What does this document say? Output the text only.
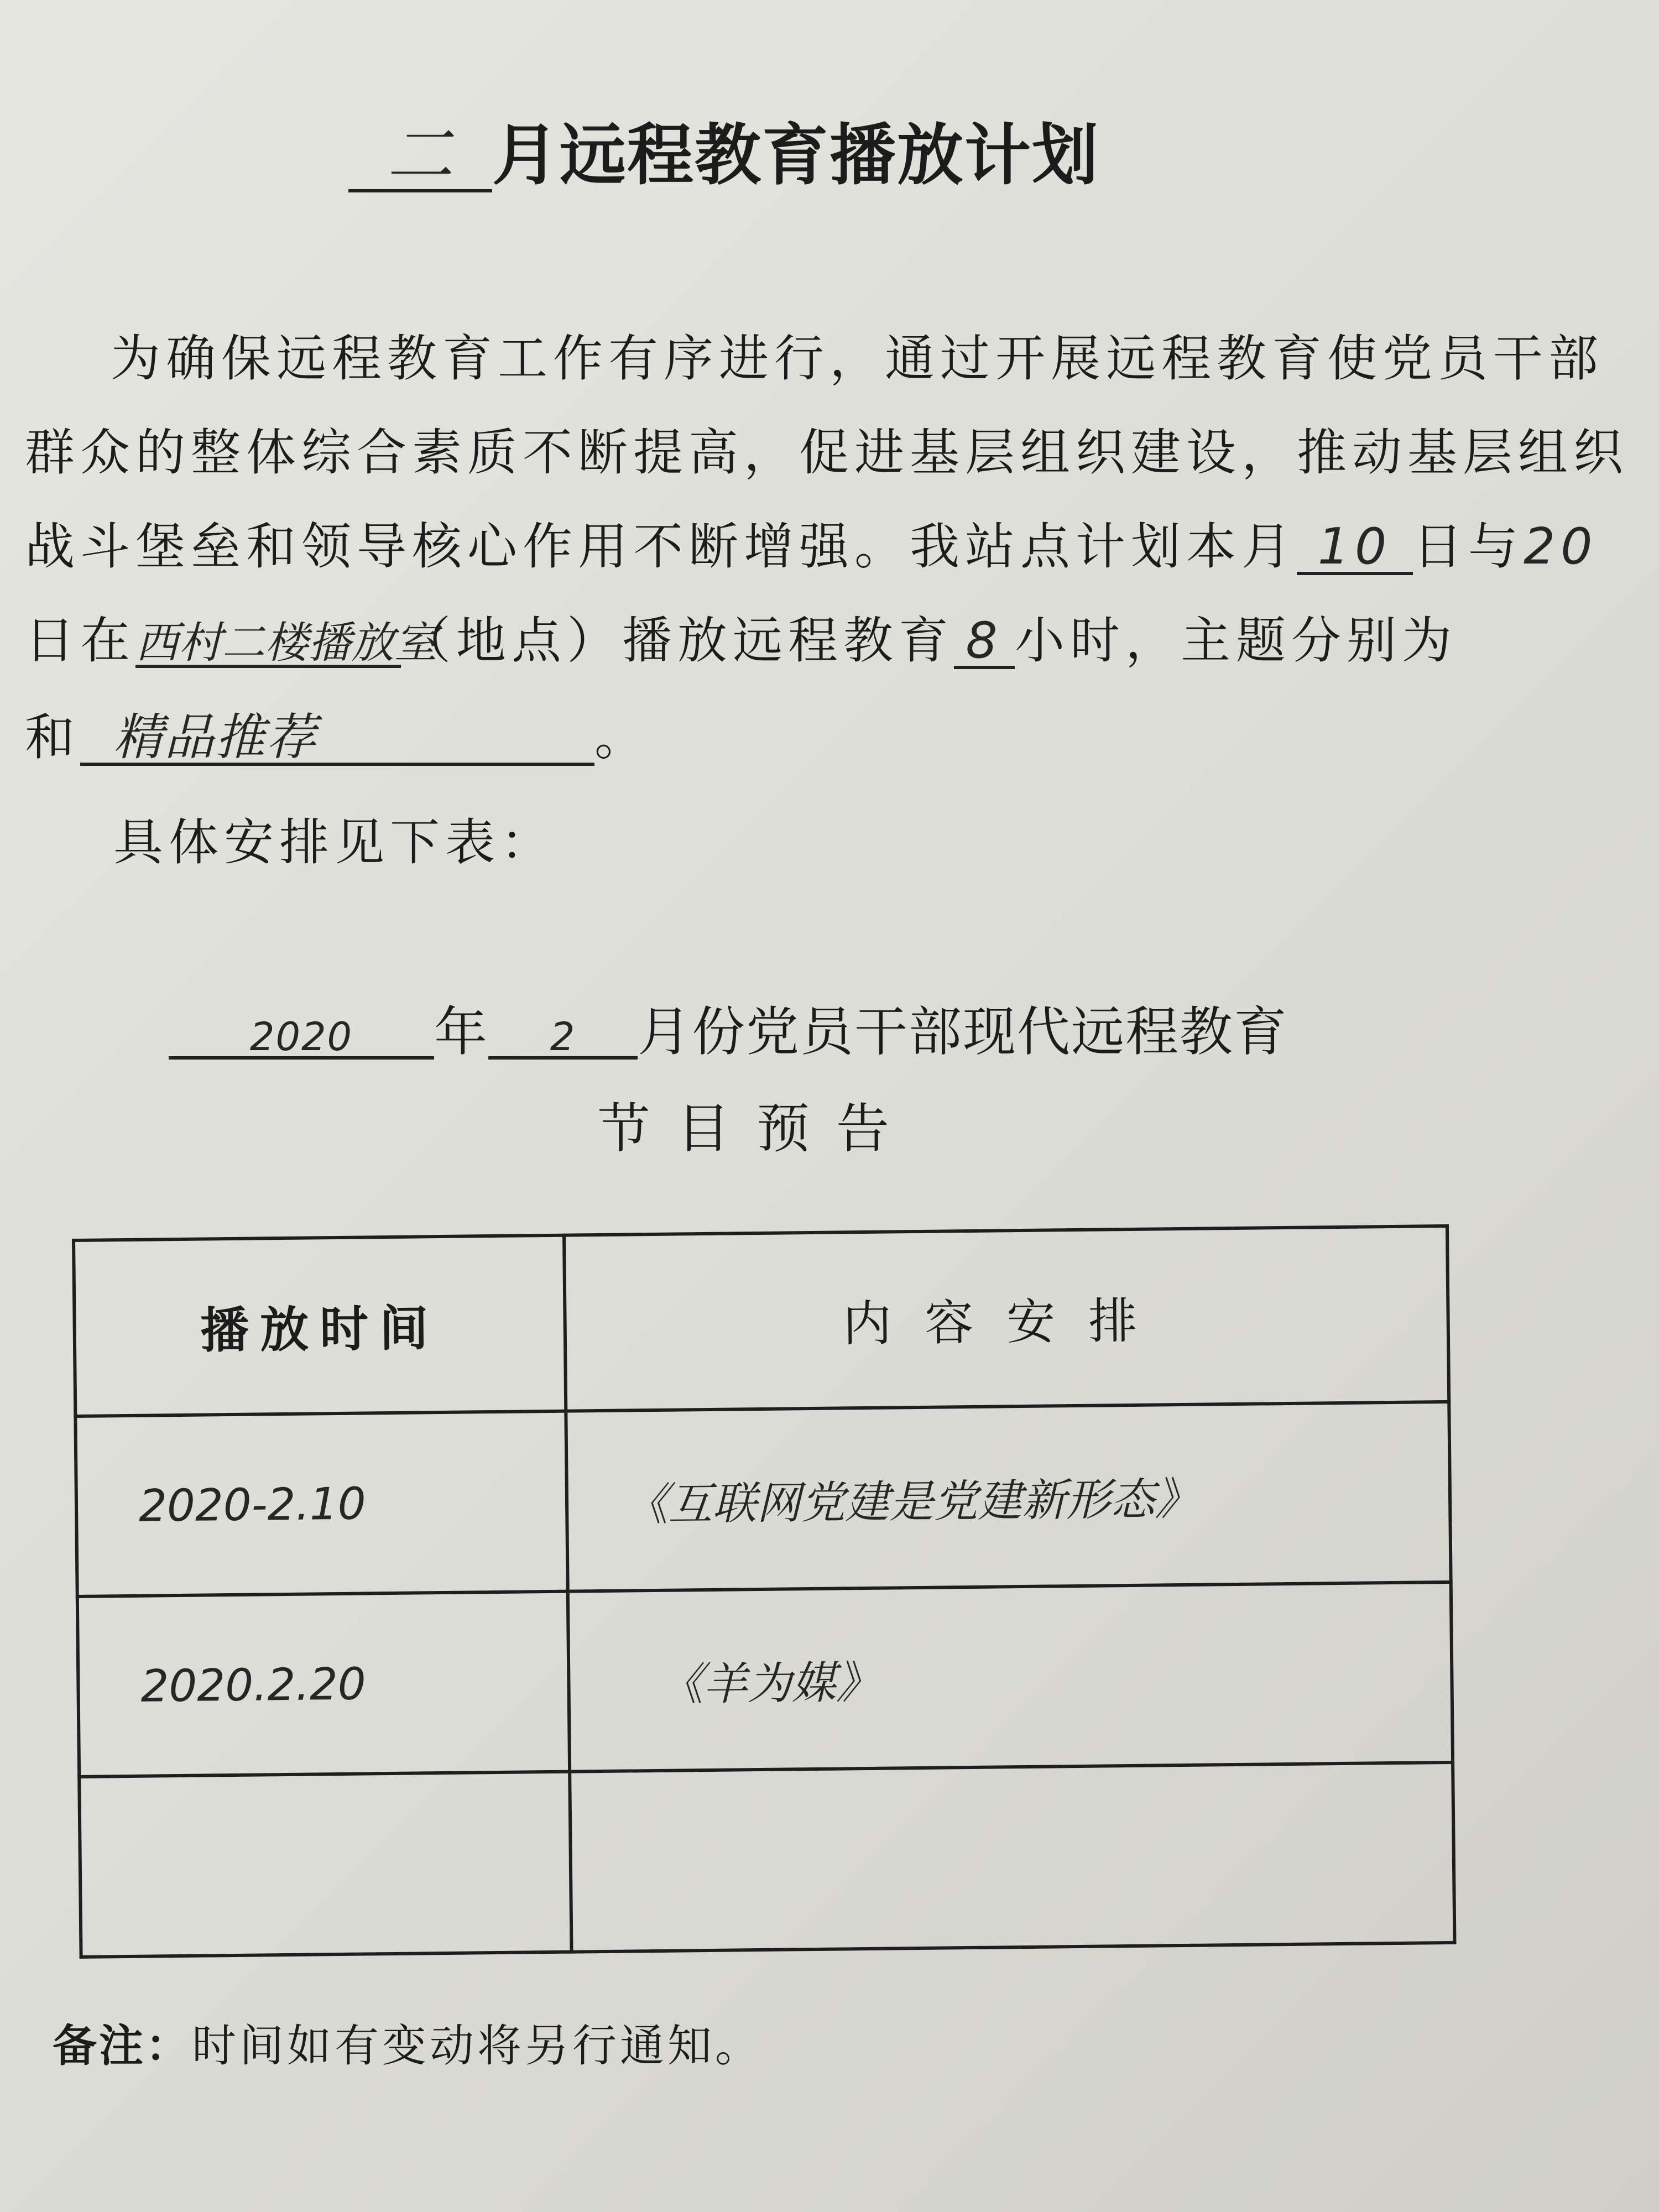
二 月远程教育播放计划
为确保远程教育工作有序进行，通过开展远程教育使党员干部
群众的整体综合素质不断提高，促进基层组织建设，推动基层组织
战斗堡垒和领导核心作用不断增强。我站点计划本月 10 日与20
日在西村二楼播放室（地点）播放远程教育 8 小时，主题分别为
和 精品推荐	。
具体安排见下表：
2020 年 2 月份党员干部现代远程教育
节目预告
播放时间	内容安排
2020-2.10	《互联网党建是党建新形态》
2020.2.20	《羊为媒》

备注：时间如有变动将另行通知。
